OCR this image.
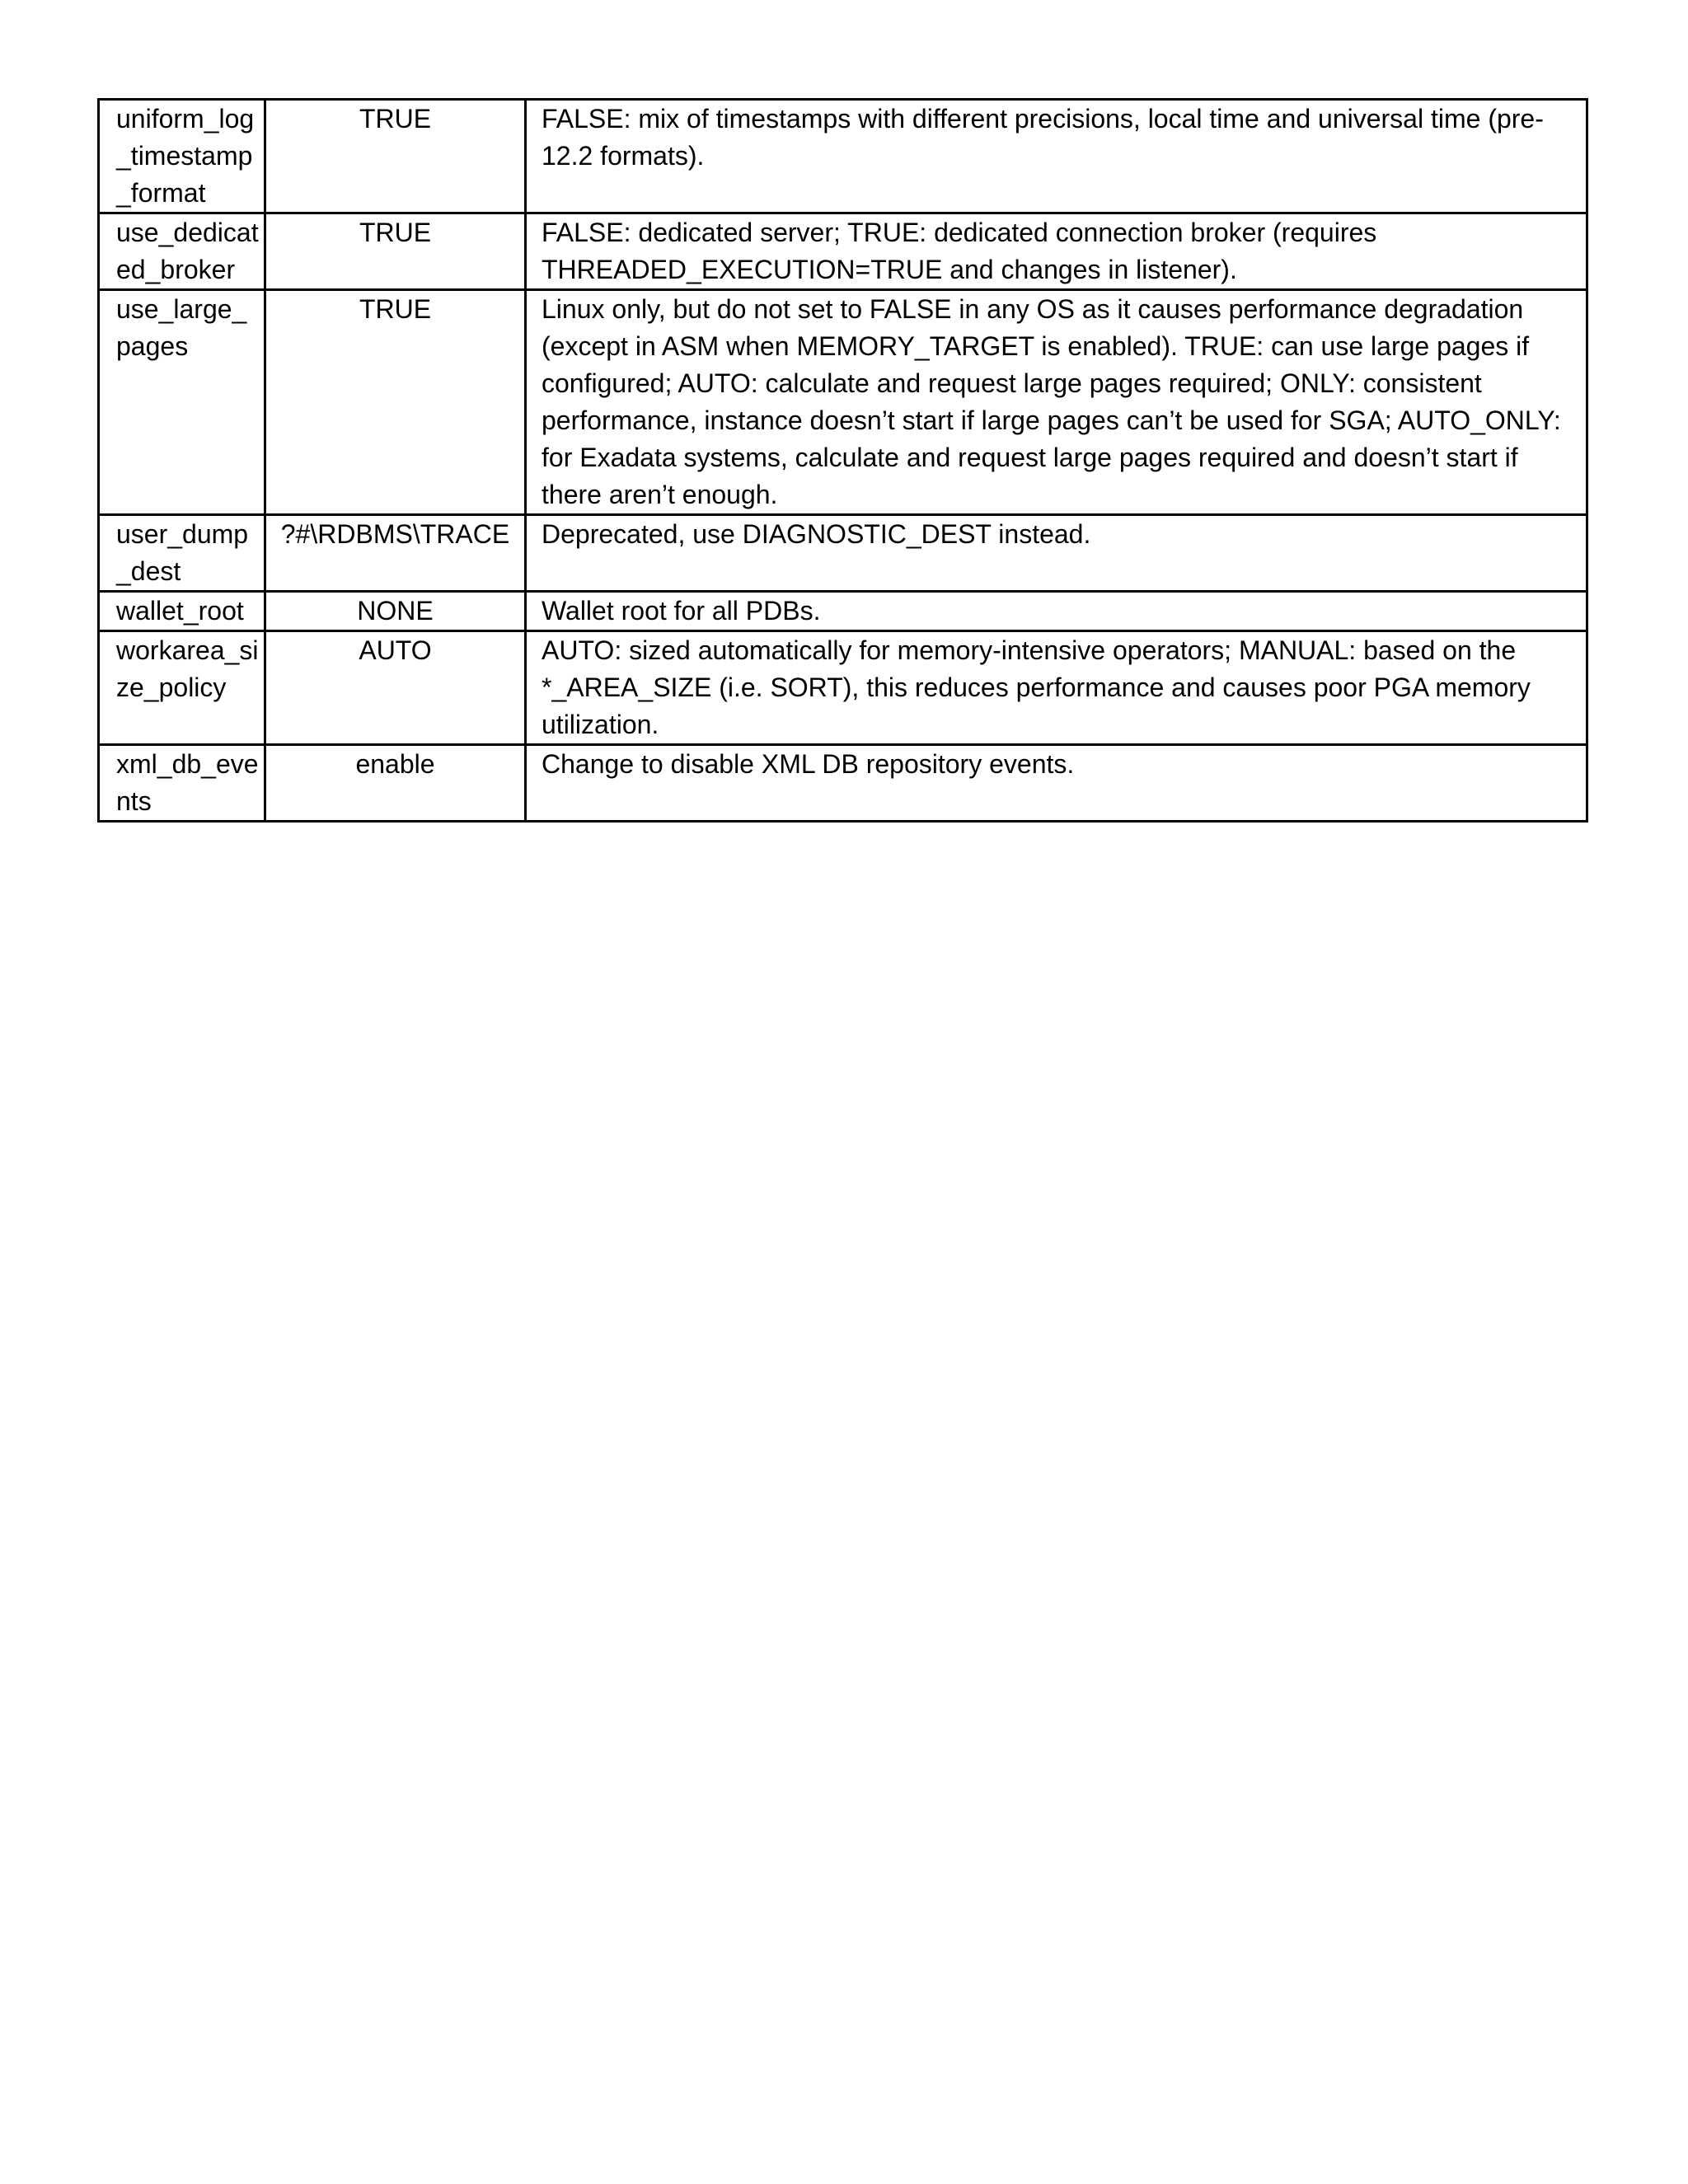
uniform_log_timestamp_format	TRUE	FALSE: mix of timestamps with different precisions, local time and universal time (pre-12.2 formats).
use_dedicated_broker	TRUE	FALSE: dedicated server; TRUE: dedicated connection broker (requires THREADED_EXECUTION=TRUE and changes in listener).
use_large_pages	TRUE	Linux only, but do not set to FALSE in any OS as it causes performance degradation (except in ASM when MEMORY_TARGET is enabled). TRUE: can use large pages if configured; AUTO: calculate and request large pages required; ONLY: consistent performance, instance doesn’t start if large pages can’t be used for SGA; AUTO_ONLY: for Exadata systems, calculate and request large pages required and doesn’t start if there aren’t enough.
user_dump_dest	?#\RDBMS\TRACE	Deprecated, use DIAGNOSTIC_DEST instead.
wallet_root	NONE	Wallet root for all PDBs.
workarea_size_policy	AUTO	AUTO: sized automatically for memory-intensive operators; MANUAL: based on the *_AREA_SIZE (i.e. SORT), this reduces performance and causes poor PGA memory utilization.
xml_db_events	enable	Change to disable XML DB repository events.
